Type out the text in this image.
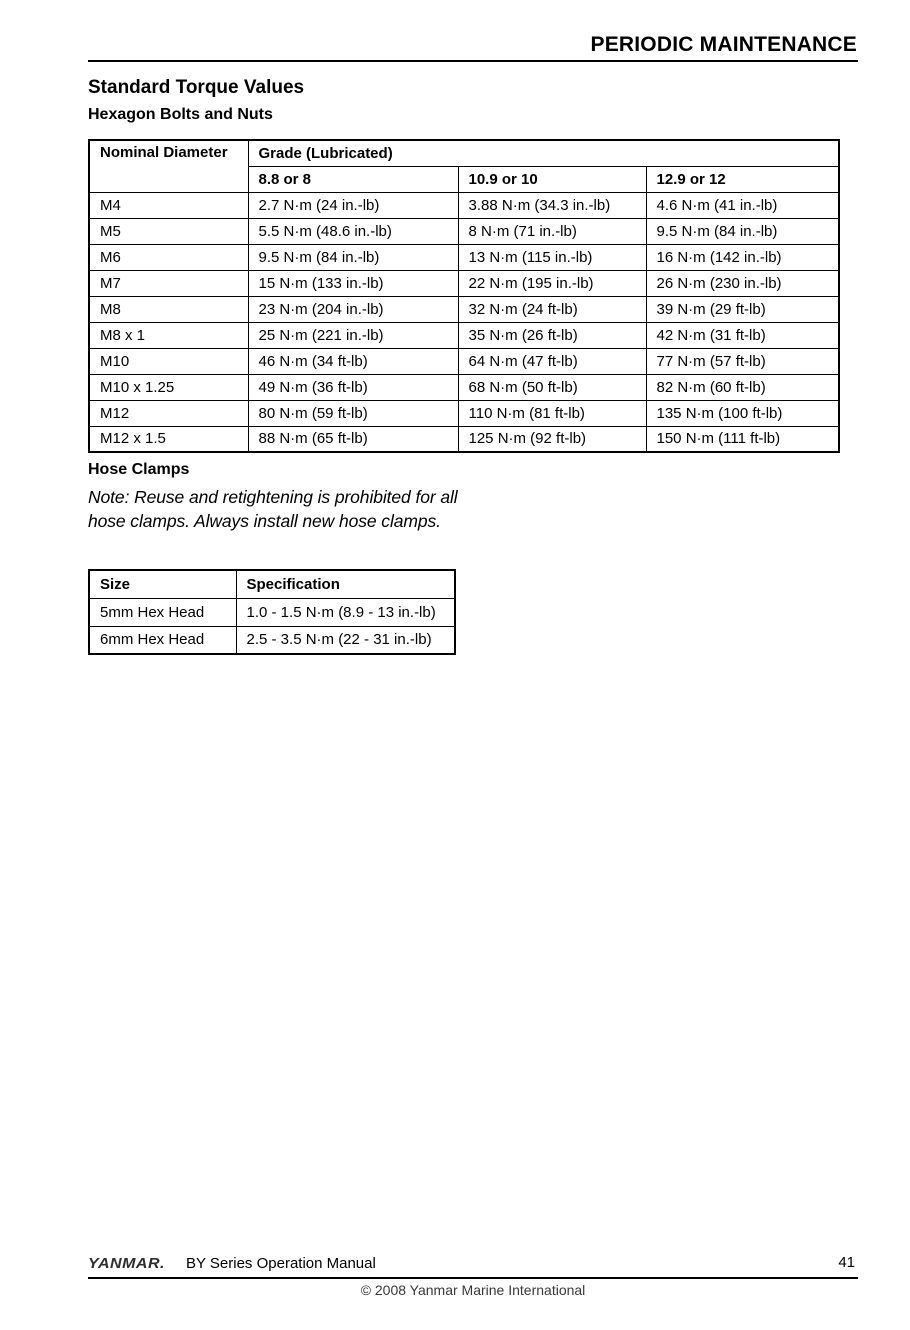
PERIODIC MAINTENANCE
Standard Torque Values
Hexagon Bolts and Nuts
Nominal Diameter	Grade (Lubricated)		
	8.8 or 8	10.9 or 10	12.9 or 12
M4	2.7 N·m (24 in.-lb)	3.88 N·m (34.3 in.-lb)	4.6 N·m (41 in.-lb)
M5	5.5 N·m (48.6 in.-lb)	8 N·m (71 in.-lb)	9.5 N·m (84 in.-lb)
M6	9.5 N·m (84 in.-lb)	13 N·m (115 in.-lb)	16 N·m (142 in.-lb)
M7	15 N·m (133 in.-lb)	22 N·m (195 in.-lb)	26 N·m (230 in.-lb)
M8	23 N·m (204 in.-lb)	32 N·m (24 ft-lb)	39 N·m (29 ft-lb)
M8 x 1	25 N·m (221 in.-lb)	35 N·m (26 ft-lb)	42 N·m (31 ft-lb)
M10	46 N·m (34 ft-lb)	64 N·m (47 ft-lb)	77 N·m (57 ft-lb)
M10 x 1.25	49 N·m (36 ft-lb)	68 N·m (50 ft-lb)	82 N·m (60 ft-lb)
M12	80 N·m (59 ft-lb)	110 N·m (81 ft-lb)	135 N·m (100 ft-lb)
M12 x 1.5	88 N·m (65 ft-lb)	125 N·m (92 ft-lb)	150 N·m (111 ft-lb)
Hose Clamps
Note: Reuse and retightening is prohibited for all hose clamps. Always install new hose clamps.
Size	Specification
5mm Hex Head	1.0 - 1.5 N·m (8.9 - 13 in.-lb)
6mm Hex Head	2.5 - 3.5 N·m (22 - 31 in.-lb)
YANMAR. BY Series Operation Manual	41
© 2008 Yanmar Marine International
